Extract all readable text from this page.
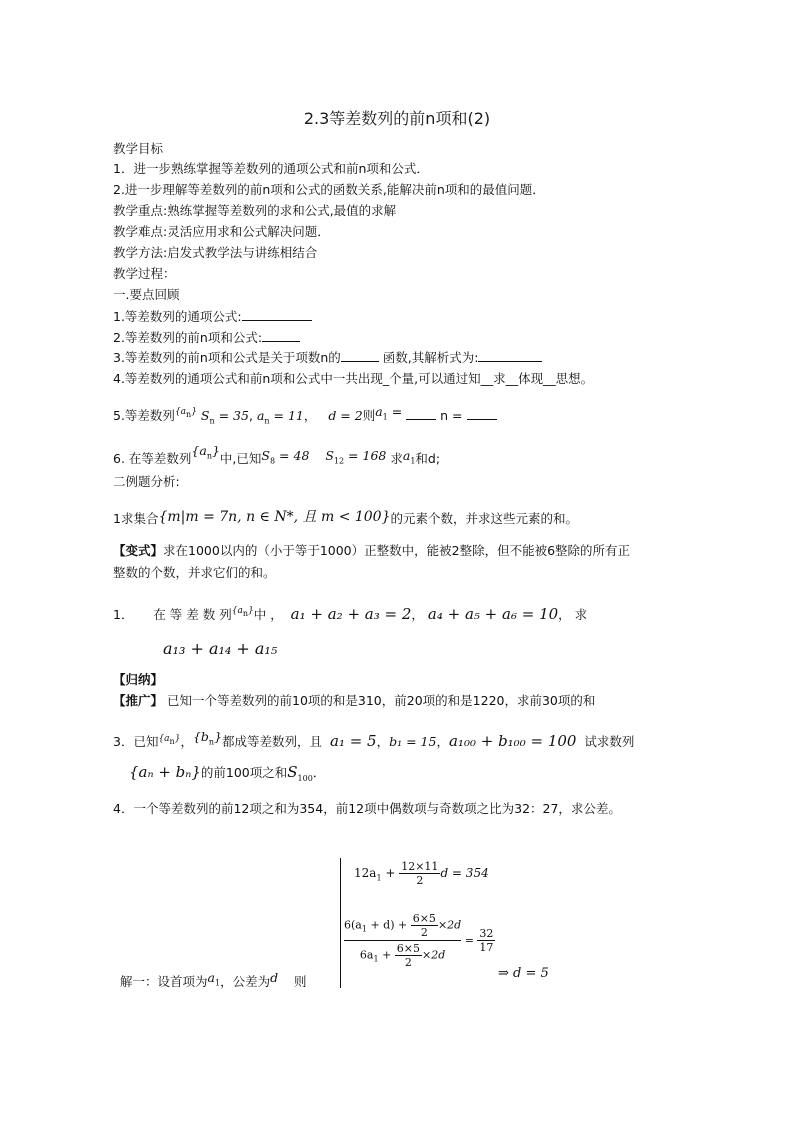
2.3等差数列的前n项和(2)
教学目标
1．进一步熟练掌握等差数列的通项公式和前n项和公式．
2.进一步理解等差数列的前n项和公式的函数关系,能解决前n项和的最值问题．
教学重点:熟练掌握等差数列的求和公式,最值的求解
教学难点:灵活应用求和公式解决问题．
教学方法:启发式教学法与讲练相结合
教学过程：
一.要点回顾
1.等差数列的通项公式:
2.等差数列的前n项和公式:
3.等差数列的前n项和公式是关于项数n的	函数,其解析式为:
4.等差数列的通项公式和前n项和公式中一共出现_个量,可以通过知__求__体现__思想。
5.等差数列$^{\{an\}}$ $S_n = 35$, $a_n = 11$， d = 2则$a_1$ =	n =
6. 在等差数列$\{a_n\}$中,已知$S_8 = 48$ $S_{12} = 168$ 求$a_1$和d;
二例题分析:
1求集合{m|m = 7n, n ∈ N*, 且 m < 100}的元素个数，并求这些元素的和。
【变式】求在1000以内的（小于等于1000）正整数中，能被2整除，但不能被6整除的所有正
整数的个数，并求它们的和。
1． 在 等 差 数 列$^{\{an\}}$中 ， a₁ + a₂ + a₃ = 2， a₄ + a₅ + a₆ = 10， 求
a₁₃ + a₁₄ + a₁₅
【归纳】
【推广】 已知一个等差数列的前10项的和是310，前20项的和是1220，求前30项的和
3．已知$^{\{an\}}$，$\{b_n\}$都成等差数列，且 a₁ = 5，b₁ = 15，a₁₀₀ + b₁₀₀ = 100 试求数列
{aₙ + bₙ}的前100项之和$S_{100}$．
4．一个等差数列的前12项之和为354，前12项中偶数项与奇数项之比为32：27，求公差。
$12a_1 + \frac{12\times 11}{2}$ d = 354
$\frac{6(a_1 + d) + \frac{6\times 5}{2} \times 2d}{6a_1 + \frac{6\times 5}{2} \times 2d} = \frac{32}{17}$
解一：设首项为$a_1$，公差为d 则
⇒ d = 5
